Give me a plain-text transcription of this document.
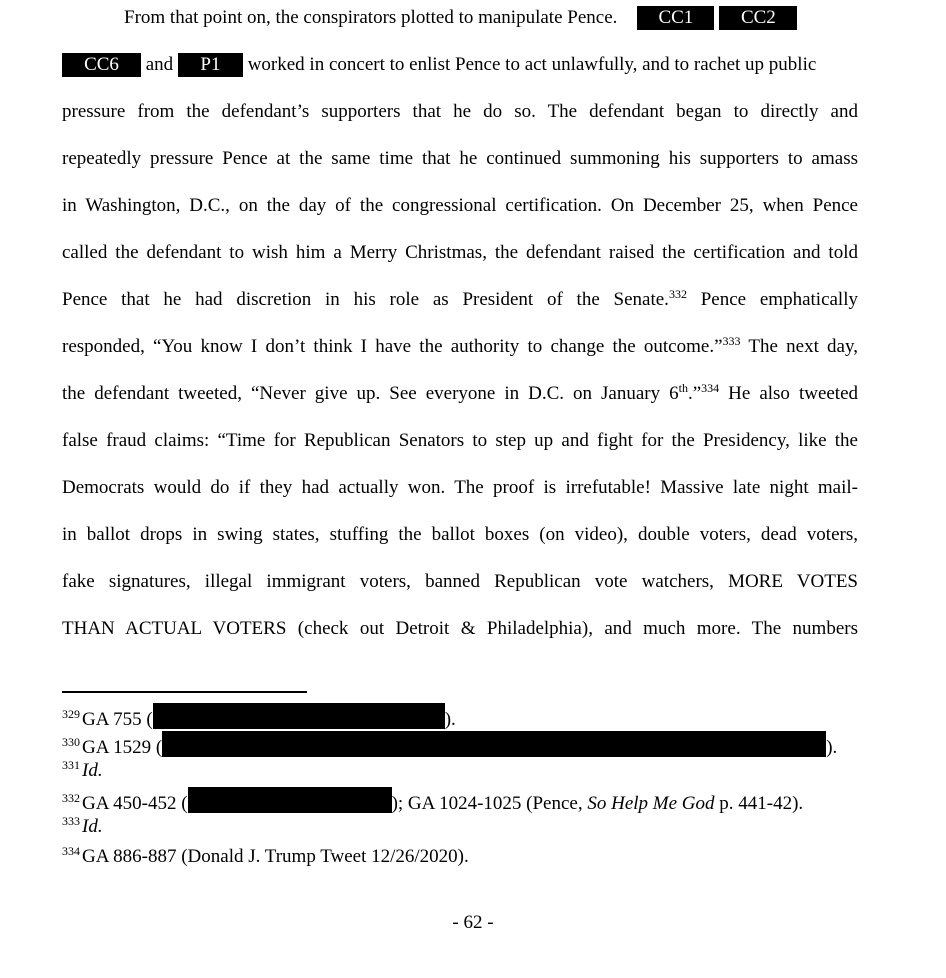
From that point on, the conspirators plotted to manipulate Pence. CC1	CC2
CC6 and P1 worked in concert to enlist Pence to act unlawfully, and to rachet up public
pressure from the defendant’s supporters that he do so. The defendant began to directly and
repeatedly pressure Pence at the same time that he continued summoning his supporters to amass
in Washington, D.C., on the day of the congressional certification. On December 25, when Pence
called the defendant to wish him a Merry Christmas, the defendant raised the certification and told
Pence that he had discretion in his role as President of the Senate.$^{332}$ Pence emphatically
responded, “You know I don’t think I have the authority to change the outcome.”$^{333}$ The next day,
the defendant tweeted, “Never give up. See everyone in D.C. on January 6th.”$^{334}$ He also tweeted
false fraud claims: “Time for Republican Senators to step up and fight for the Presidency, like the
Democrats would do if they had actually won. The proof is irrefutable! Massive late night mail-
in ballot drops in swing states, stuffing the ballot boxes (on video), double voters, dead voters,
fake signatures, illegal immigrant voters, banned Republican vote watchers, MORE VOTES
THAN ACTUAL VOTERS (check out Detroit & Philadelphia), and much more. The numbers
$^{329}$ GA 755 (	).
$^{330}$ GA 1529 (	).
$^{331}$ Id.
$^{332}$ GA 450-452 (	); GA 1024-1025 (Pence, So Help Me God p. 441-42).
$^{333}$ Id.
$^{334}$ GA 886-887 (Donald J. Trump Tweet 12/26/2020).
- 62 -
